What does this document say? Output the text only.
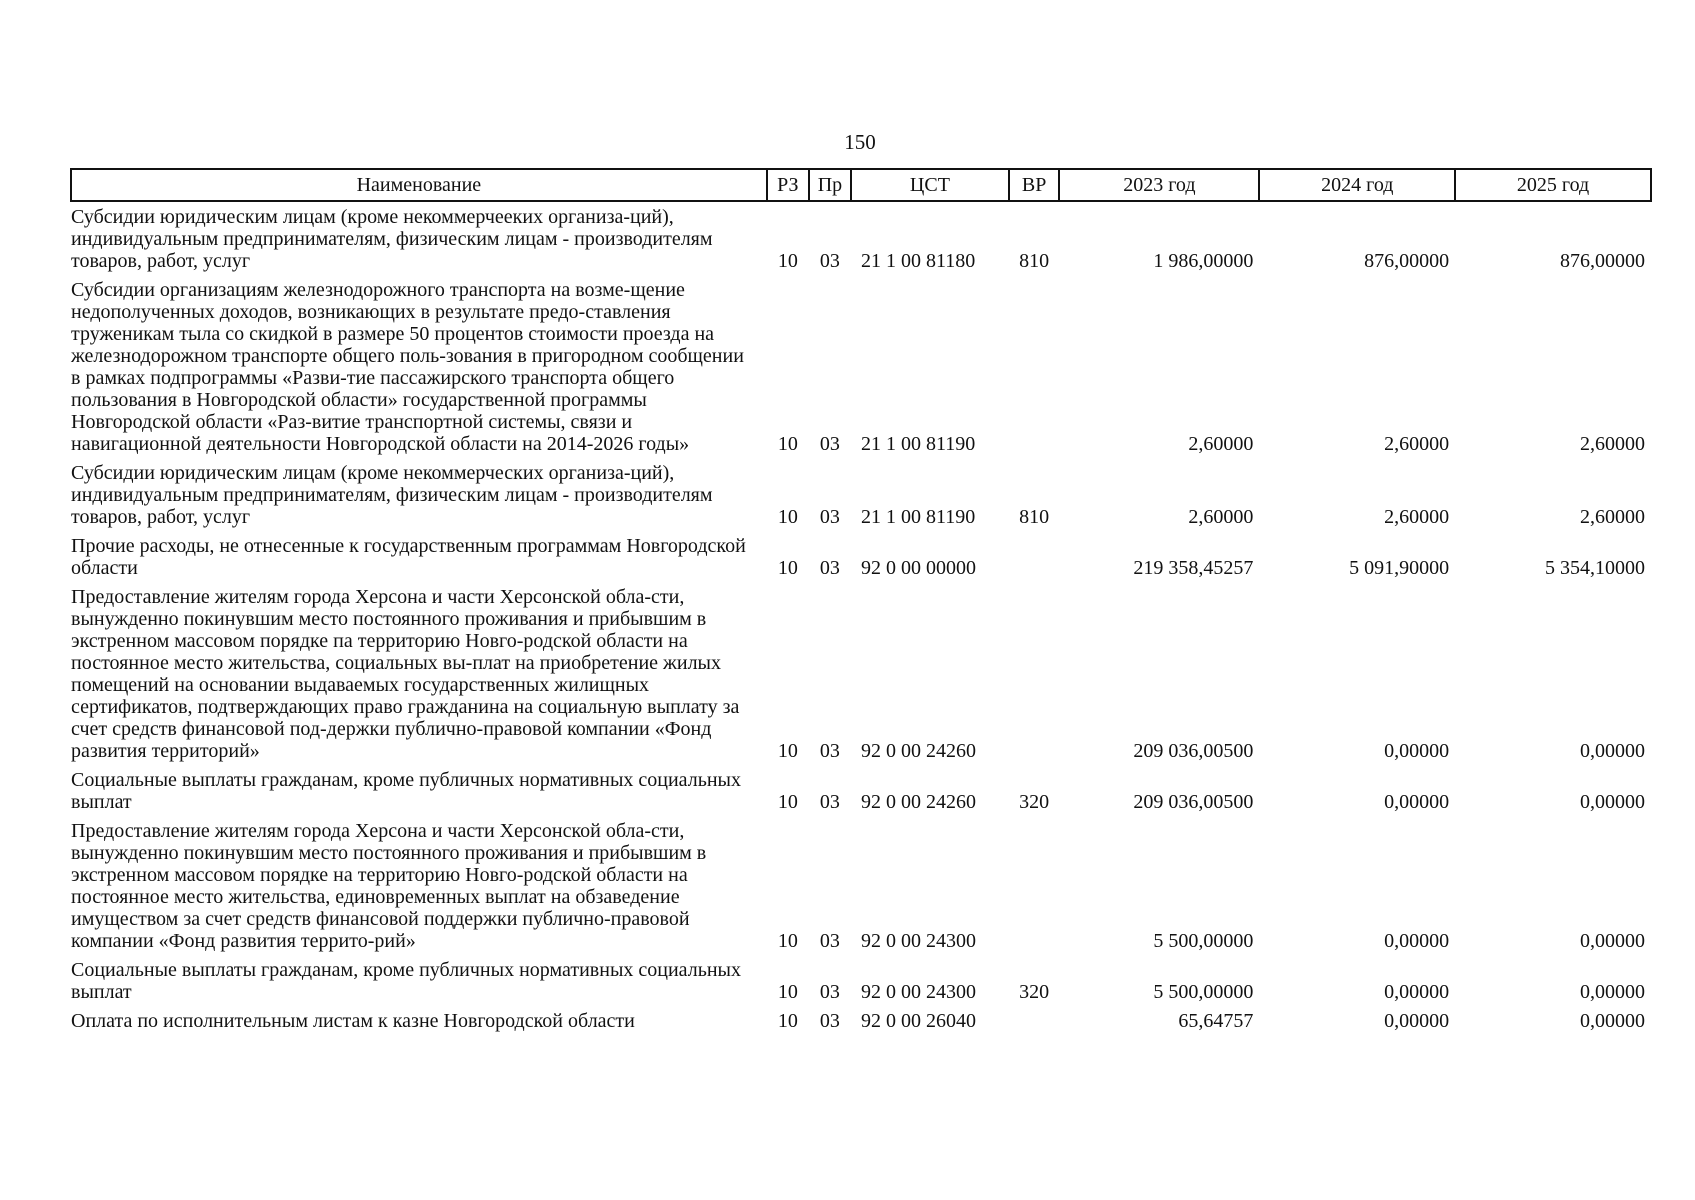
150
Наименование	РЗ	Пр	ЦСТ	ВР	2023 год	2024 год	2025 год
Субсидии юридическим лицам (кроме некоммерчеекиx организа-ций), индивидуальным предпринимателям, физическим лицам - производителям товаров, работ, услуг	10	03	21 1 00 81180	810	1 986,00000	876,00000	876,00000
Субсидии организациям железнодорожного транспорта на возме-щение недополученных доходов, возникающих в результате предо-ставления труженикам тыла со скидкой в размере 50 процентов стоимости проезда на железнодорожном транспорте общего поль-зования в пригородном сообщении в рамках подпрограммы «Разви-тие пассажирского транспорта общего пользования в Новгородской области» государственной программы Новгородской области «Раз-витие транспортной системы, связи и навигационной деятельности Новгородской области на 2014-2026 годы»	10	03	21 1 00 81190		2,60000	2,60000	2,60000
Субсидии юридическим лицам (кроме некоммерческих организа-ций), индивидуальным предпринимателям, физическим лицам - производителям товаров, работ, услуг	10	03	21 1 00 81190	810	2,60000	2,60000	2,60000
Прочие расходы, не отнесенные к государственным программам Новгородской области	10	03	92 0 00 00000		219 358,45257	5 091,90000	5 354,10000
Предоставление жителям города Херсона и части Херсонской обла-сти, вынужденно покинувшим место постоянного проживания и прибывшим в экстренном массовом порядке па территорию Новго-родской области на постоянное место жительства, социальных вы-плат на приобретение жилых помещений на основании выдаваемых государственных жилищных сертификатов, подтверждающих право гражданина на социальную выплату за счет средств финансовой под-держки публично-правовой компании «Фонд развития территорий»	10	03	92 0 00 24260		209 036,00500	0,00000	0,00000
Социальные выплаты гражданам, кроме публичных нормативных социальных выплат	10	03	92 0 00 24260	320	209 036,00500	0,00000	0,00000
Предоставление жителям города Херсона и части Херсонской обла-сти, вынужденно покинувшим место постоянного проживания и прибывшим в экстренном массовом порядке на территорию Новго-родской области на постоянное место жительства, единовременных выплат на обзаведение имуществом за счет средств финансовой поддержки публично-правовой компании «Фонд развития террито-рий»	10	03	92 0 00 24300		5 500,00000	0,00000	0,00000
Социальные выплаты гражданам, кроме публичных нормативных социальных выплат	10	03	92 0 00 24300	320	5 500,00000	0,00000	0,00000
Оплата по исполнительным листам к казне Новгородской области	10	03	92 0 00 26040		65,64757	0,00000	0,00000
